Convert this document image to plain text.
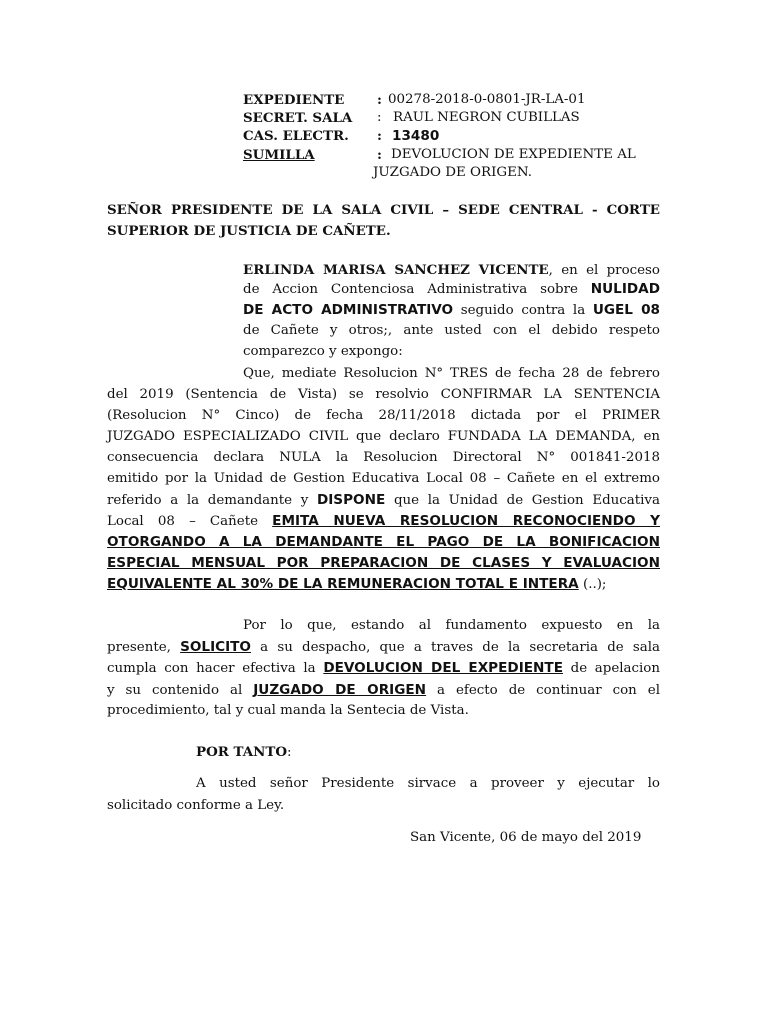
EXPEDIENTE : 00278-2018-0-0801-JR-LA-01
SECRET. SALA : RAUL NEGRON CUBILLAS
CAS. ELECTR. : 13480
SUMILLA	: DEVOLUCION DE EXPEDIENTE AL
JUZGADO DE ORIGEN.
SEÑOR PRESIDENTE DE LA SALA CIVIL – SEDE CENTRAL - CORTE
SUPERIOR DE JUSTICIA DE CAÑETE.
ERLINDA MARISA SANCHEZ VICENTE, en el proceso
de Accion Contenciosa Administrativa sobre NULIDAD
DE ACTO ADMINISTRATIVO seguido contra la UGEL 08
de Cañete y otros;, ante usted con el debido respeto
comparezco y expongo:
Que, mediate Resolucion N° TRES de fecha 28 de febrero
del 2019 (Sentencia de Vista) se resolvio CONFIRMAR LA SENTENCIA
(Resolucion N° Cinco) de fecha 28/11/2018 dictada por el PRIMER
JUZGADO ESPECIALIZADO CIVIL que declaro FUNDADA LA DEMANDA, en
consecuencia declara NULA la Resolucion Directoral N° 001841-2018
emitido por la Unidad de Gestion Educativa Local 08 – Cañete en el extremo
referido a la demandante y DISPONE que la Unidad de Gestion Educativa
Local 08 – Cañete EMITA NUEVA RESOLUCION RECONOCIENDO Y
OTORGANDO A LA DEMANDANTE EL PAGO DE LA BONIFICACION
ESPECIAL MENSUAL POR PREPARACION DE CLASES Y EVALUACION
EQUIVALENTE AL 30% DE LA REMUNERACION TOTAL E INTERA (..);
Por lo que, estando al fundamento expuesto en la
presente, SOLICITO a su despacho, que a traves de la secretaria de sala
cumpla con hacer efectiva la DEVOLUCION DEL EXPEDIENTE de apelacion
y su contenido al JUZGADO DE ORIGEN a efecto de continuar con el
procedimiento, tal y cual manda la Sentecia de Vista.
POR TANTO:
A usted señor Presidente sirvace a proveer y ejecutar lo
solicitado conforme a Ley.
San Vicente, 06 de mayo del 2019
